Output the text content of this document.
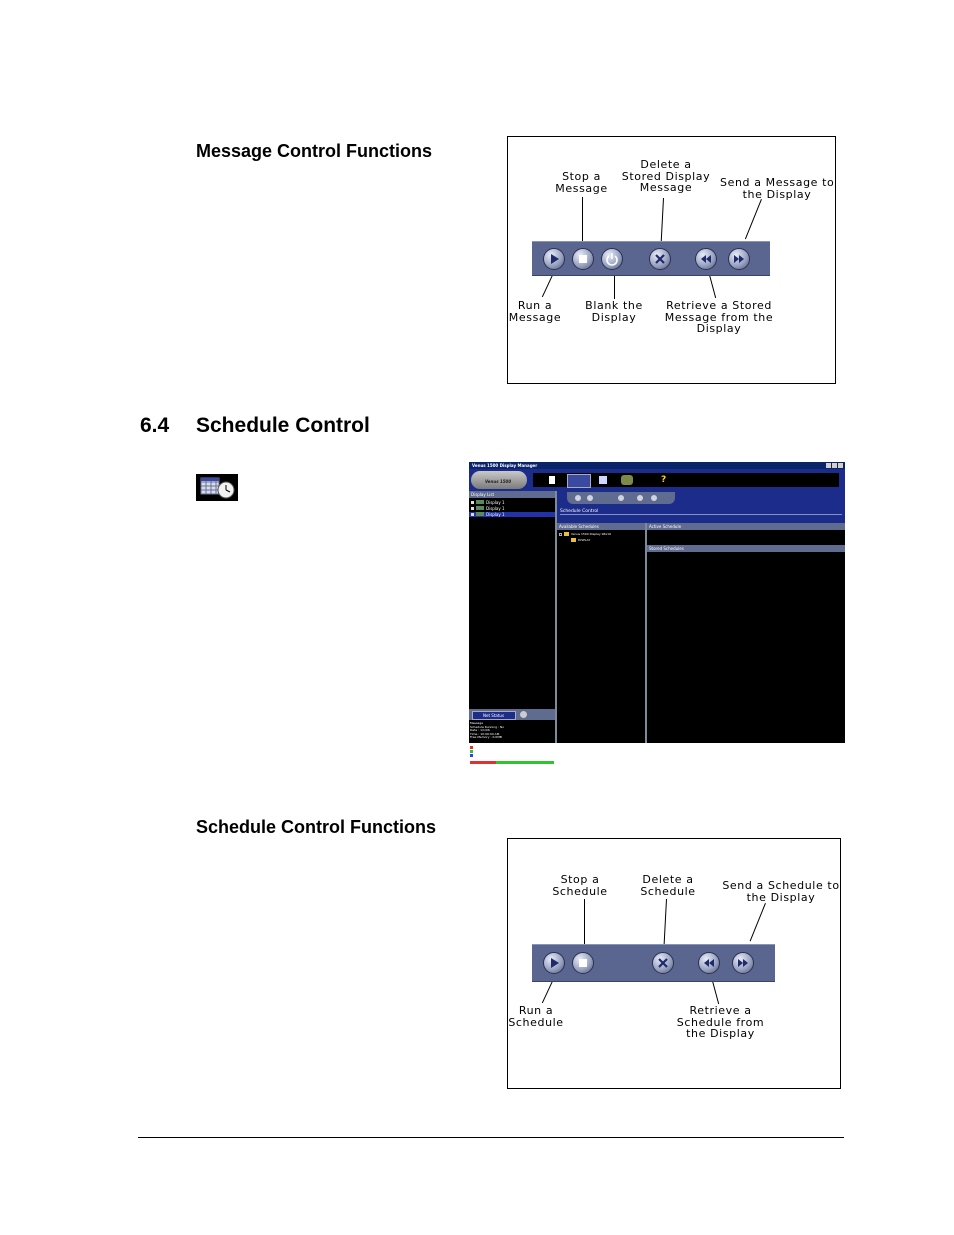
Message Control Functions
Stop a
Message
Delete a
Stored Display
Message	Send a Message to
the Display
Run a
Message
Blank the
Display
Retrieve a Stored
Message from the
Display
6.4 Schedule Control
Venus 1500 Display Manager
Venus 1500	?
Display List
Display 1
Display 1
Display 1
Net Status
Message
Schedule Running : No
Date : 1/1/06
Time : 10:00:00 AM
Free Memory : 0.0MB
Used Space
Free Space
Selected Files
Schedule Control
Available Schedules
Venus 1500 Display 96x16
DISPLAY
Active Schedule
Stored Schedules
Schedule Control Functions
Stop a
Schedule
Delete a
Schedule	Send a Schedule to
the Display
Run a
Schedule
Retrieve a
Schedule from
the Display
